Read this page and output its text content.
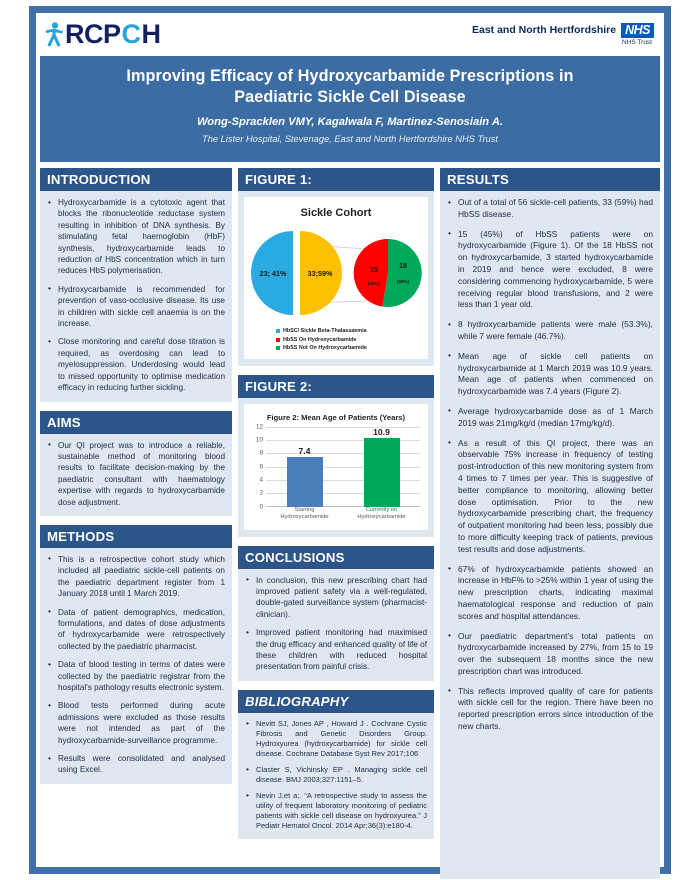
RCP C H	East and North Hertfordshire NHS
NHS Trust
Improving Efficacy of Hydroxycarbamide Prescriptions in
Paediatric Sickle Cell Disease
Wong-Spracklen VMY, Kagalwala F, Martinez-Senosiain A.
The Lister Hospital, Stevenage, East and North Hertfordshire NHS Trust
INTRODUCTION
• Hydroxycarbamide is a cytotoxic agent that blocks the ribonucleotide reductase system resulting in inhibition of DNA synthesis. By stimulating fetal haemoglobin (HbF) synthesis, hydroxycarbamide leads to reduction of HbS concentration which in turn reduces HbS polymerisation.
• Hydroxycarbamide is recommended for prevention of vaso-occlusive disease. Its use in children with sickle cell anaemia is on the increase.
• Close monitoring and careful dose titration is required, as overdosing can lead to myelosuppression. Underdosing would lead to missed opportunity to optimise medication efficacy in reducing further sickling.
AIMS
• Our QI project was to introduce a reliable, sustainable method of monitoring blood results to facilitate decision-making by the paediatric consultant with haematology expertise with regards to hydroxycarbamide dose adjustment.
METHODS
• This is a retrospective cohort study which included all paediatric sickle-cell patients on the paediatric department register from 1 January 2018 until 1 March 2019.
• Data of patient demographics, medication, formulations, and dates of dose adjustments of hydroxycarbamide were retrospectively collected by the paediatric pharmacist.
• Data of blood testing in terms of dates were collected by the paediatric registrar from the hospital's pathology results electronic system.
• Blood tests performed during acute admissions were excluded as those results were not intended as part of the hydroxycarbamide-surveillance programme.
• Results were consolidated and analysed using Excel.
FIGURE 1:
Sickle Cohort
23; 41%	33;59%	15
(45%)
18
(55%)
HbSC/ Sickle Beta-Thalassaemia
HbSS On Hydroxycarbamide
HbSS Not On Hydroxycarbamide
FIGURE 2:
Figure 2: Mean Age of Patients (Years)
12
10
8
6
4
2
0
7.4
10.9
Starting
Hydroxycarbamide
Currently on
Hydroxycarbamide
CONCLUSIONS
• In conclusion, this new prescribing chart had improved patient safety via a well-regulated, double-gated surveillance system (pharmacist-clinician).
• Improved patient monitoring had maximised the drug efficacy and enhanced quality of life of these children with reduced hospital presentation from painful crisis.
BIBLIOGRAPHY
• Nevitt SJ, Jones AP , Howard J . Cochrane Cystic Fibrosis and Genetic Disorders Group. Hydroxyurea (hydroxycarbamide) for sickle cell disease. Cochrane Database Syst Rev 2017;106
• Claster S, Vichinsky EP . Managing sickle cell disease. BMJ 2003;327:1151–5.
• Nevin J,et a;. “A retrospective study to assess the utility of frequent laboratory monitoring of pediatric patients with sickle cell disease on hydroxyurea.” J Pediatr Hematol Oncol. 2014 Apr;36(3):e180-4.
RESULTS
• Out of a total of 56 sickle-cell patients, 33 (59%) had HbSS disease.
• 15 (45%) of HbSS patients were on hydroxycarbamide (Figure 1). Of the 18 HbSS not on hydroxycarbamide, 3 started hydroxycarbamide in 2019 and hence were excluded, 8 were considering commencing hydroxycarbamide, 5 were receiving regular blood transfusions, and 2 were less than 1 year old.
• 8 hydroxycarbamide patients were male (53.3%), while 7 were female (46.7%).
• Mean age of sickle cell patients on hydroxycarbamide at 1 March 2019 was 10.9 years. Mean age of patients when commenced on hydroxycarbamide was 7.4 years (Figure 2).
• Average hydroxycarbamide dose as of 1 March 2019 was 21mg/kg/d (median 17mg/kg/d).
• As a result of this QI project, there was an observable 75% increase in frequency of testing post-introduction of this new monitoring system from 4 times to 7 times per year. This is suggestive of better compliance to monitoring, allowing better dose optimisation. Prior to the new hydroxycarbamide prescribing chart, the frequency of outpatient monitoring had been less, possibly due to more difficulty keeping track of patients, previous test results and dose adjustments.
• 67% of hydroxycarbamide patients showed an increase in HbF% to >25% within 1 year of using the new prescription charts, indicating maximal haematological response and reduction of pain scores and hospital attendances.
• Our paediatric department's total patients on hydroxycarbamide increased by 27%, from 15 to 19 over the subsequent 18 months since the new prescription chart was introduced.
• This reflects improved quality of care for patients with sickle cell for the region. There have been no reported prescription errors since introduction of the new charts.
